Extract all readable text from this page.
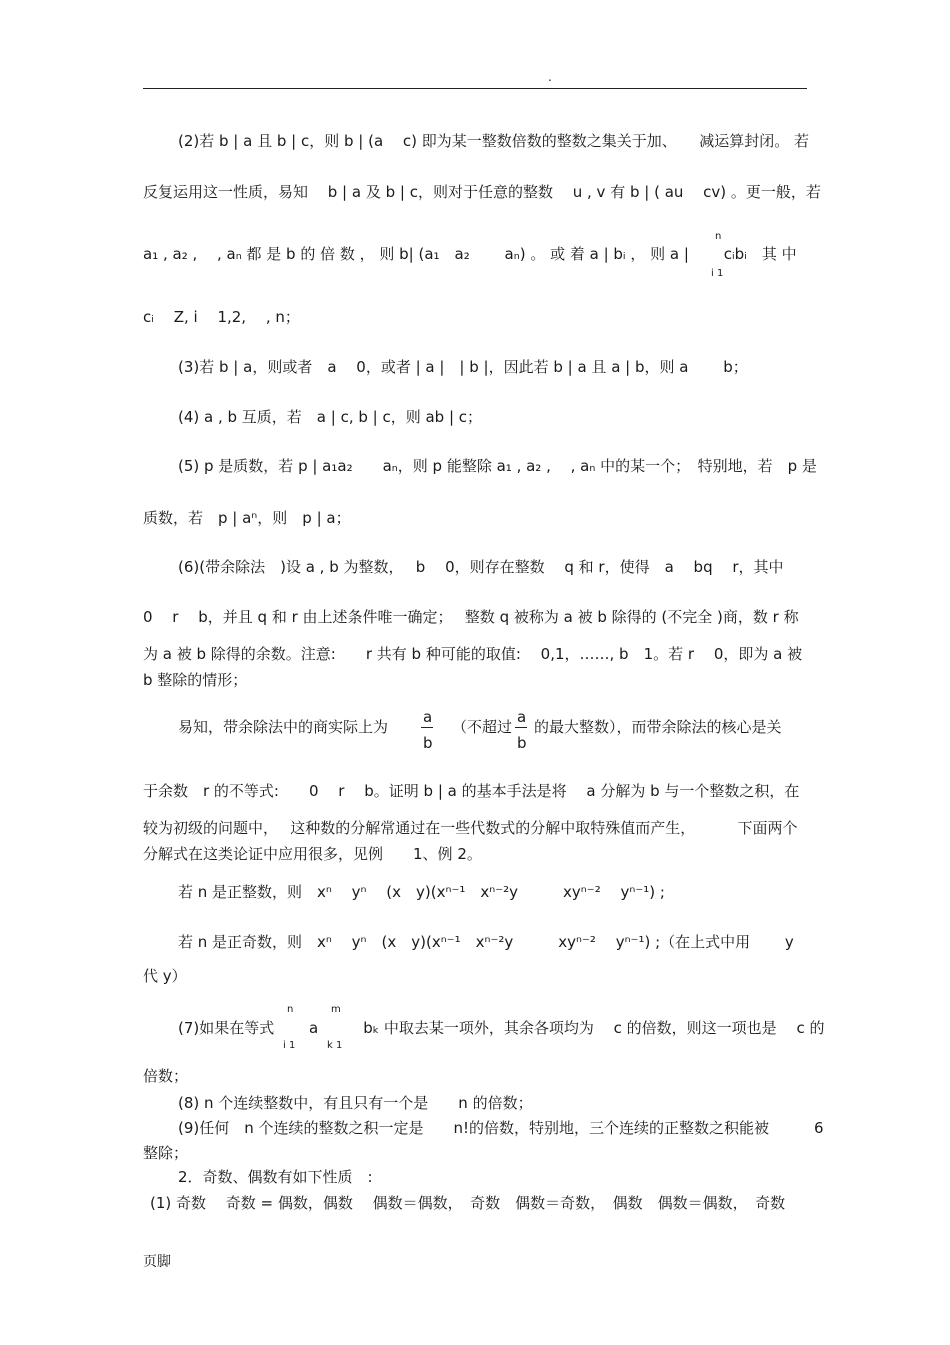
.
(2)若 b | a 且 b | c，则 b | (a　 c) 即为某一整数倍数的整数之集关于加、　　减运算封闭。 若
反复运用这一性质，易知　 b | a 及 b | c，则对于任意的整数　 u , v 有 b | ( au　 cv) 。更一般，若
n
a₁ , a₂ ,　 , aₙ 都 是 b 的 倍 数 ， 则 b| (a₁　a₂　　 aₙ) 。 或 着 a | bᵢ ， 则 a |　　 cᵢbᵢ　其 中
i 1
cᵢ　 Z, i　 1,2,　 , n；
(3)若 b | a，则或者　a　 0，或者 | a |　| b |，因此若 b | a 且 a | b，则 a　　 b；
(4) a , b 互质，若　a | c, b | c，则 ab | c；
(5) p 是质数，若 p | a₁a₂　　aₙ，则 p 能整除 a₁ , a₂ ,　 , aₙ 中的某一个；　特别地，若　p 是
质数，若　p | aⁿ，则　p | a；
(6)(带余除法　)设 a , b 为整数，　 b　 0，则存在整数　 q 和 r，使得　a　 bq　 r，其中
0　 r　 b，并且 q 和 r 由上述条件唯一确定；　 整数 q 被称为 a 被 b 除得的 (不完全 )商，数 r 称
为 a 被 b 除得的余数。注意:　　r 共有 b 种可能的取值:　 0,1，……, b　1。若 r　 0，即为 a 被
b 整除的情形；
易知，带余除法中的商实际上为
a
b
（不超过
a
b
的最大整数），而带余除法的核心是关
于余数　r 的不等式:　　0　 r　 b。证明 b | a 的基本手法是将　 a 分解为 b 与一个整数之积，在
较为初级的问题中，　 这种数的分解常通过在一些代数式的分解中取特殊值而产生，　　　 下面两个
分解式在这类论证中应用很多，见例　　1、例 2。
若 n 是正整数，则　xⁿ　 yⁿ　 (x　y)(xⁿ⁻¹　xⁿ⁻²y　　　xyⁿ⁻²　 yⁿ⁻¹) ;
若 n 是正奇数，则　xⁿ　 yⁿ　(x　y)(xⁿ⁻¹　xⁿ⁻²y　　　xyⁿ⁻²　 yⁿ⁻¹) ;（在上式中用　　 y
代 y）
n	m
(7)如果在等式　　 a　　　bₖ 中取去某一项外，其余各项均为　 c 的倍数，则这一项也是　 c 的
i 1	k 1
倍数；
(8) n 个连续整数中，有且只有一个是　　n 的倍数；
(9)任何　n 个连续的整数之积一定是　　n!的倍数，特别地，三个连续的正整数之积能被　　　6
整除；
2．奇数、偶数有如下性质　:
(1) 奇数　 奇数 = 偶数，偶数　 偶数＝偶数，　奇数　偶数＝奇数，　偶数　偶数＝偶数，　奇数
页脚
